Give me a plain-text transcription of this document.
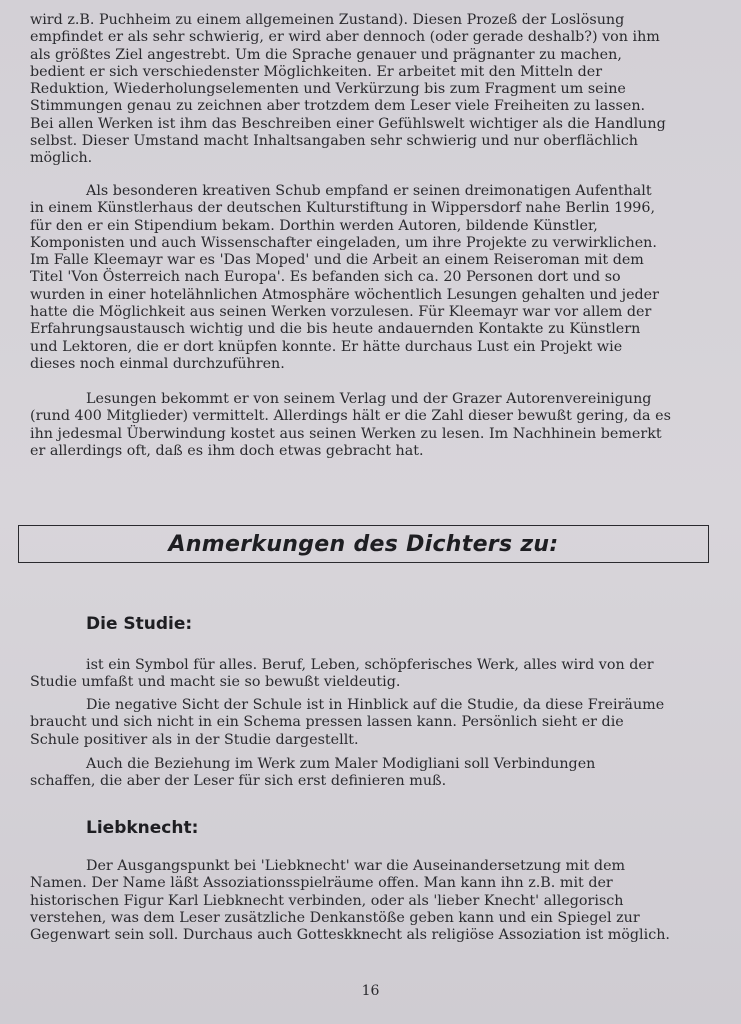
wird z.B. Puchheim zu einem allgemeinen Zustand). Diesen Prozeß der Loslösung
empfindet er als sehr schwierig, er wird aber dennoch (oder gerade deshalb?) von ihm
als größtes Ziel angestrebt. Um die Sprache genauer und prägnanter zu machen,
bedient er sich verschiedenster Möglichkeiten. Er arbeitet mit den Mitteln der
Reduktion, Wiederholungselementen und Verkürzung bis zum Fragment um seine
Stimmungen genau zu zeichnen aber trotzdem dem Leser viele Freiheiten zu lassen.
Bei allen Werken ist ihm das Beschreiben einer Gefühlswelt wichtiger als die Handlung
selbst. Dieser Umstand macht Inhaltsangaben sehr schwierig und nur oberflächlich
möglich.
Als besonderen kreativen Schub empfand er seinen dreimonatigen Aufenthalt
in einem Künstlerhaus der deutschen Kulturstiftung in Wippersdorf nahe Berlin 1996,
für den er ein Stipendium bekam. Dorthin werden Autoren, bildende Künstler,
Komponisten und auch Wissenschafter eingeladen, um ihre Projekte zu verwirklichen.
Im Falle Kleemayr war es 'Das Moped' und die Arbeit an einem Reiseroman mit dem
Titel 'Von Österreich nach Europa'. Es befanden sich ca. 20 Personen dort und so
wurden in einer hotelähnlichen Atmosphäre wöchentlich Lesungen gehalten und jeder
hatte die Möglichkeit aus seinen Werken vorzulesen. Für Kleemayr war vor allem der
Erfahrungsaustausch wichtig und die bis heute andauernden Kontakte zu Künstlern
und Lektoren, die er dort knüpfen konnte. Er hätte durchaus Lust ein Projekt wie
dieses noch einmal durchzuführen.
Lesungen bekommt er von seinem Verlag und der Grazer Autorenvereinigung
(rund 400 Mitglieder) vermittelt. Allerdings hält er die Zahl dieser bewußt gering, da es
ihn jedesmal Überwindung kostet aus seinen Werken zu lesen. Im Nachhinein bemerkt
er allerdings oft, daß es ihm doch etwas gebracht hat.
Anmerkungen des Dichters zu:
Die Studie:
ist ein Symbol für alles. Beruf, Leben, schöpferisches Werk, alles wird von der
Studie umfaßt und macht sie so bewußt vieldeutig.
Die negative Sicht der Schule ist in Hinblick auf die Studie, da diese Freiräume
braucht und sich nicht in ein Schema pressen lassen kann. Persönlich sieht er die
Schule positiver als in der Studie dargestellt.
Auch die Beziehung im Werk zum Maler Modigliani soll Verbindungen
schaffen, die aber der Leser für sich erst definieren muß.
Liebknecht:
Der Ausgangspunkt bei 'Liebknecht' war die Auseinandersetzung mit dem
Namen. Der Name läßt Assoziationsspielräume offen. Man kann ihn z.B. mit der
historischen Figur Karl Liebknecht verbinden, oder als 'lieber Knecht' allegorisch
verstehen, was dem Leser zusätzliche Denkanstöße geben kann und ein Spiegel zur
Gegenwart sein soll. Durchaus auch Gotteskknecht als religiöse Assoziation ist möglich.
16
